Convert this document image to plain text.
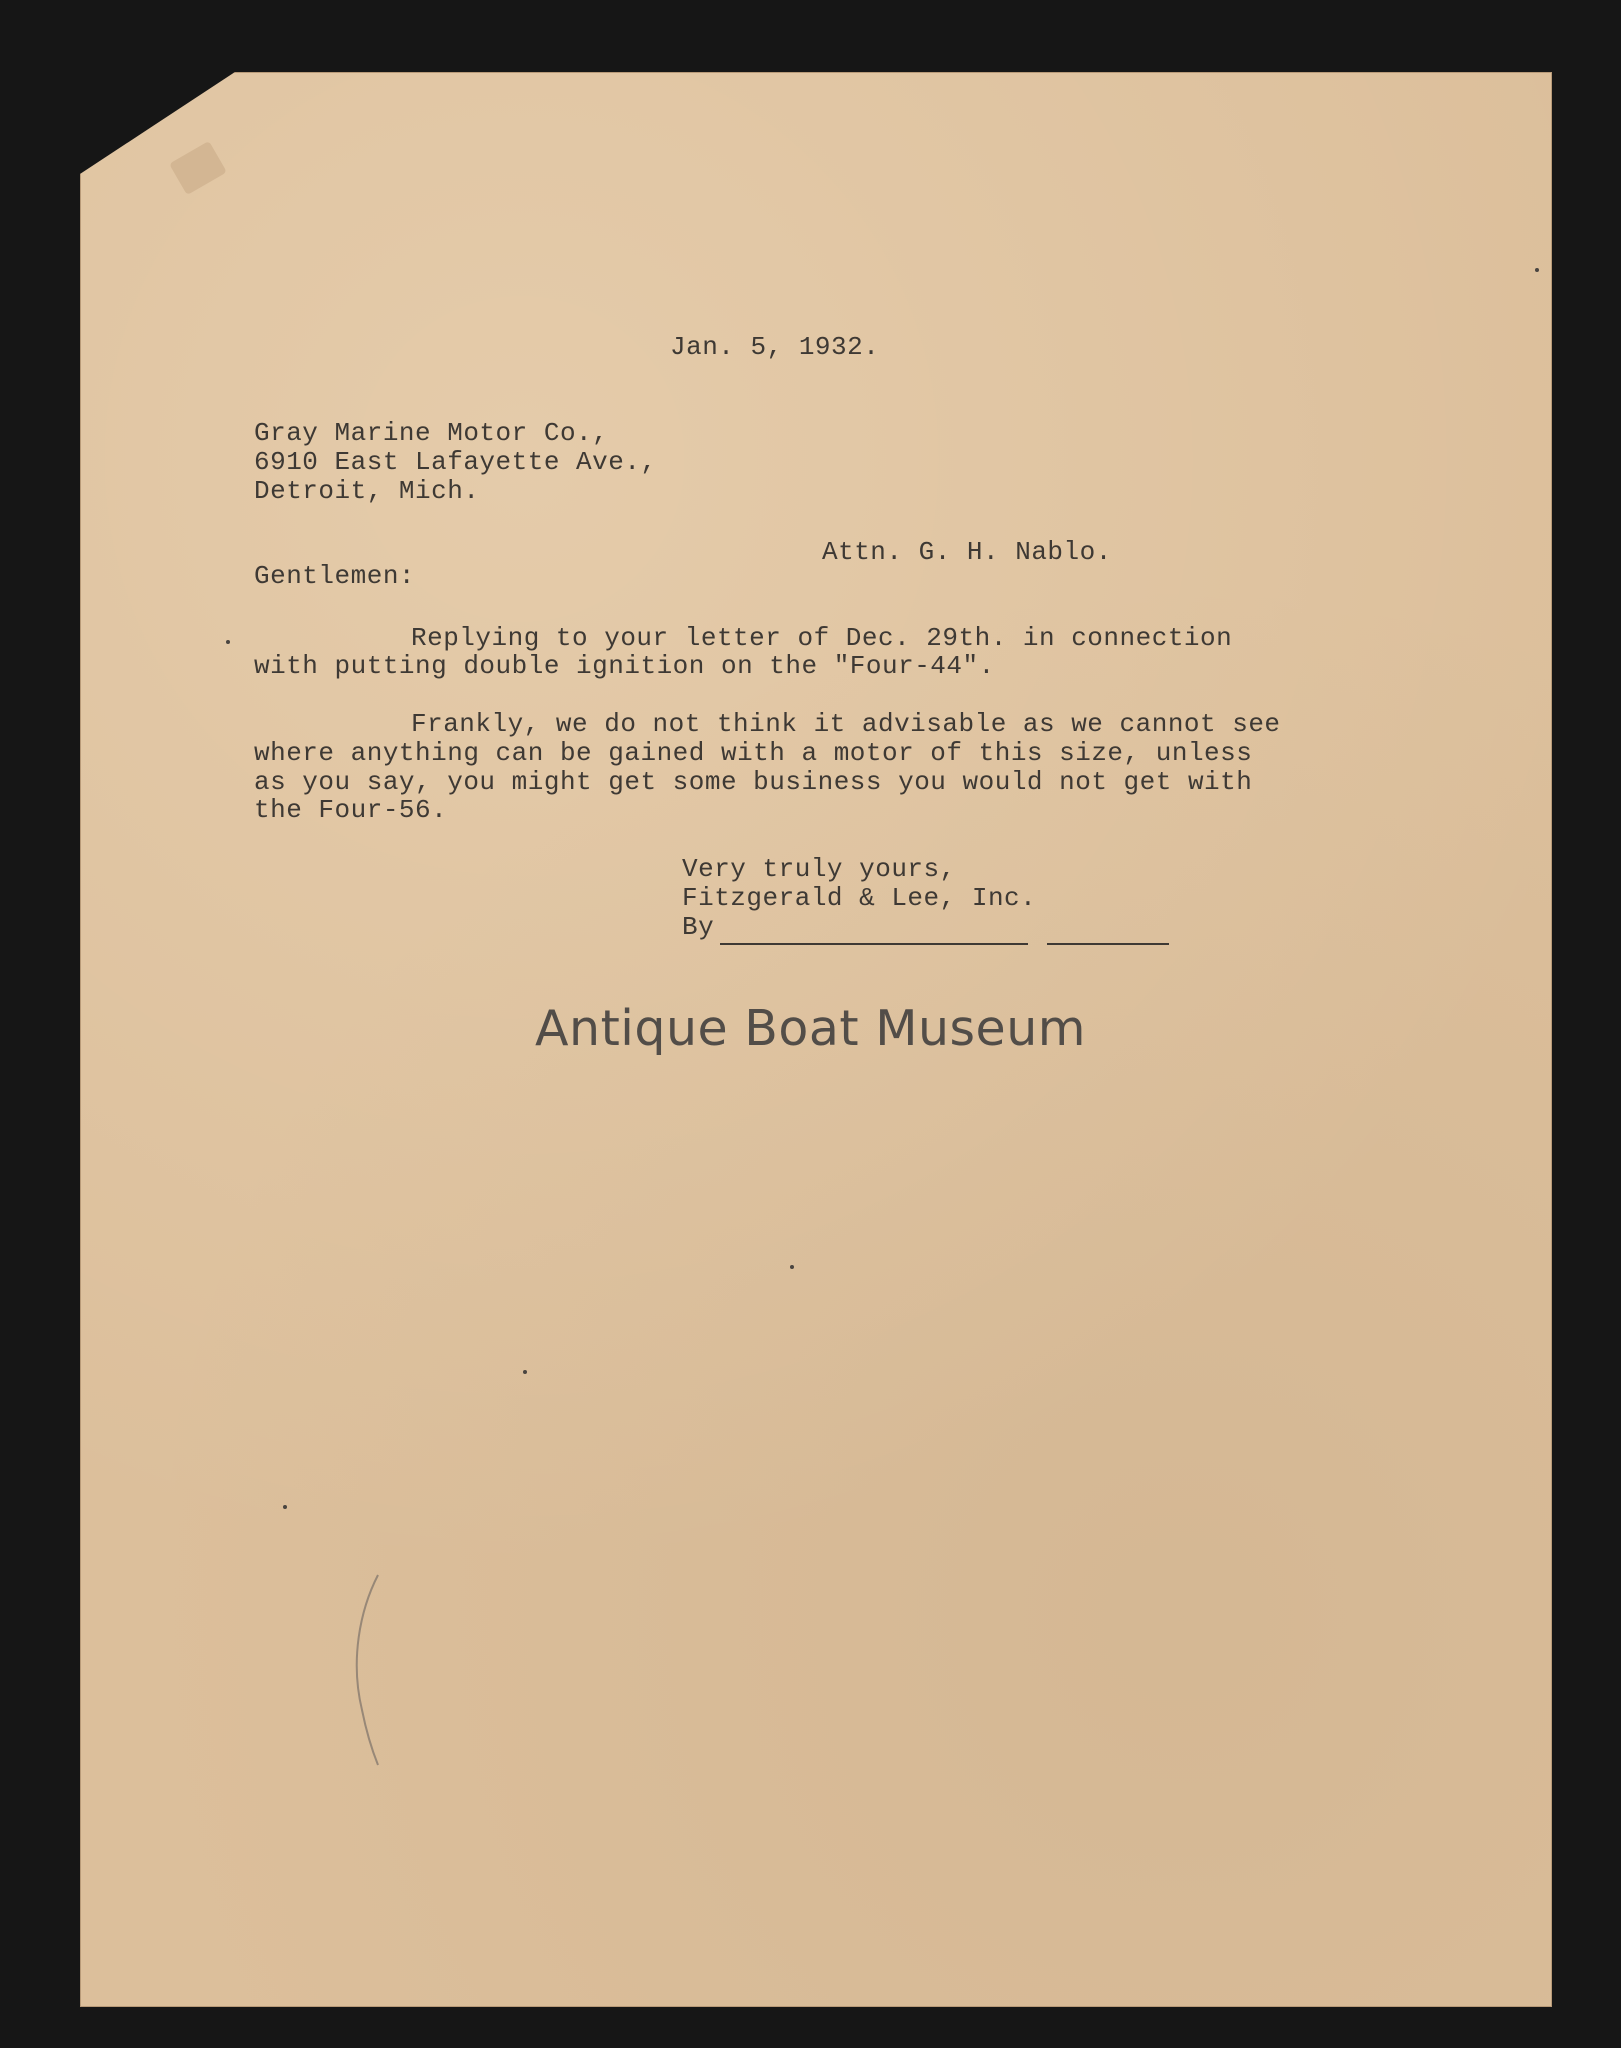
Jan. 5, 1932.

Gray Marine Motor Co.,

6910 East Lafayette Ave.,

Detroit, Mich.

Attn. G. H. Nablo.

Gentlemen:

Replying to your letter of Dec. 29th. in connection

with putting double ignition on the "Four-44".

Frankly, we do not think it advisable as we cannot see

where anything can be gained with a motor of this size, unless

as you say, you might get some business you would not get with

the Four-56.

Very truly yours,

Fitzgerald & Lee, Inc.

By

Antique Boat Museum
